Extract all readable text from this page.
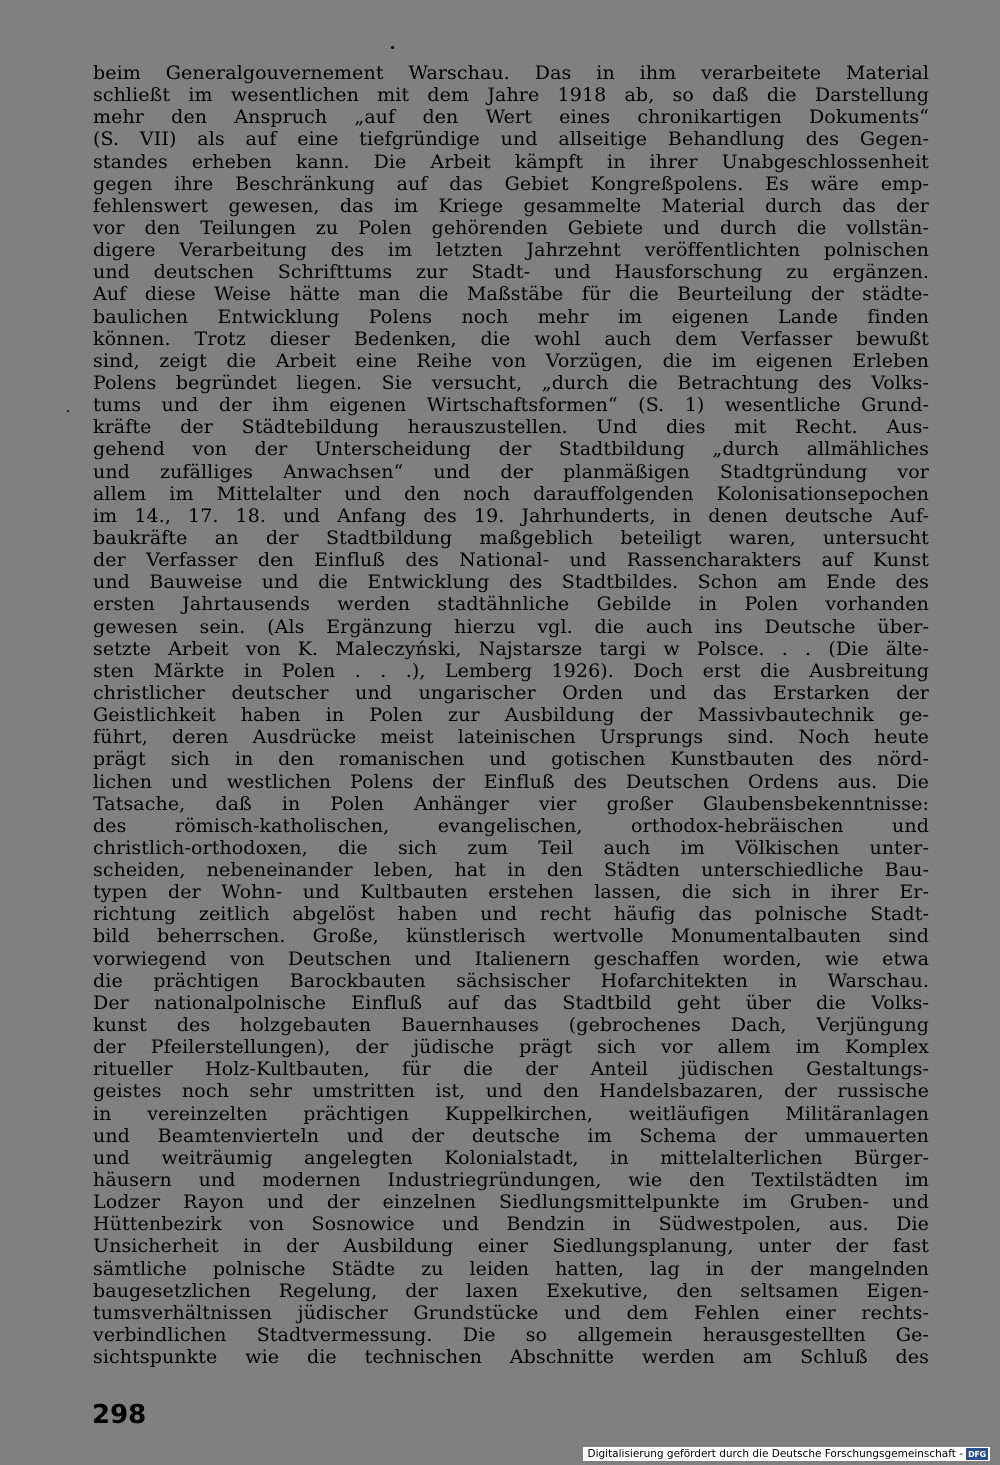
beim Generalgouvernement Warschau. Das in ihm verarbeitete Material
schließt im wesentlichen mit dem Jahre 1918 ab, so daß die Darstellung
mehr den Anspruch „auf den Wert eines chronikartigen Dokuments“
(S. VII) als auf eine tiefgründige und allseitige Behandlung des Gegen-
standes erheben kann. Die Arbeit kämpft in ihrer Unabgeschlossenheit
gegen ihre Beschränkung auf das Gebiet Kongreßpolens. Es wäre emp-
fehlenswert gewesen, das im Kriege gesammelte Material durch das der
vor den Teilungen zu Polen gehörenden Gebiete und durch die vollstän-
digere Verarbeitung des im letzten Jahrzehnt veröffentlichten polnischen
und deutschen Schrifttums zur Stadt- und Hausforschung zu ergänzen.
Auf diese Weise hätte man die Maßstäbe für die Beurteilung der städte-
baulichen Entwicklung Polens noch mehr im eigenen Lande finden
können. Trotz dieser Bedenken, die wohl auch dem Verfasser bewußt
sind, zeigt die Arbeit eine Reihe von Vorzügen, die im eigenen Erleben
Polens begründet liegen. Sie versucht, „durch die Betrachtung des Volks-
tums und der ihm eigenen Wirtschaftsformen“ (S. 1) wesentliche Grund-
kräfte der Städtebildung herauszustellen. Und dies mit Recht. Aus-
gehend von der Unterscheidung der Stadtbildung „durch allmähliches
und zufälliges Anwachsen“ und der planmäßigen Stadtgründung vor
allem im Mittelalter und den noch darauffolgenden Kolonisationsepochen
im 14., 17. 18. und Anfang des 19. Jahrhunderts, in denen deutsche Auf-
baukräfte an der Stadtbildung maßgeblich beteiligt waren, untersucht
der Verfasser den Einfluß des National- und Rassencharakters auf Kunst
und Bauweise und die Entwicklung des Stadtbildes. Schon am Ende des
ersten Jahrtausends werden stadtähnliche Gebilde in Polen vorhanden
gewesen sein. (Als Ergänzung hierzu vgl. die auch ins Deutsche über-
setzte Arbeit von K. Maleczyński, Najstarsze targi w Polsce. . . (Die älte-
sten Märkte in Polen . . .), Lemberg 1926). Doch erst die Ausbreitung
christlicher deutscher und ungarischer Orden und das Erstarken der
Geistlichkeit haben in Polen zur Ausbildung der Massivbautechnik ge-
führt, deren Ausdrücke meist lateinischen Ursprungs sind. Noch heute
prägt sich in den romanischen und gotischen Kunstbauten des nörd-
lichen und westlichen Polens der Einfluß des Deutschen Ordens aus. Die
Tatsache, daß in Polen Anhänger vier großer Glaubensbekenntnisse:
des römisch-katholischen, evangelischen, orthodox-hebräischen und
christlich-orthodoxen, die sich zum Teil auch im Völkischen unter-
scheiden, nebeneinander leben, hat in den Städten unterschiedliche Bau-
typen der Wohn- und Kultbauten erstehen lassen, die sich in ihrer Er-
richtung zeitlich abgelöst haben und recht häufig das polnische Stadt-
bild beherrschen. Große, künstlerisch wertvolle Monumentalbauten sind
vorwiegend von Deutschen und Italienern geschaffen worden, wie etwa
die prächtigen Barockbauten sächsischer Hofarchitekten in Warschau.
Der nationalpolnische Einfluß auf das Stadtbild geht über die Volks-
kunst des holzgebauten Bauernhauses (gebrochenes Dach, Verjüngung
der Pfeilerstellungen), der jüdische prägt sich vor allem im Komplex
ritueller Holz-Kultbauten, für die der Anteil jüdischen Gestaltungs-
geistes noch sehr umstritten ist, und den Handelsbazaren, der russische
in vereinzelten prächtigen Kuppelkirchen, weitläufigen Militäranlagen
und Beamtenvierteln und der deutsche im Schema der ummauerten
und weiträumig angelegten Kolonialstadt, in mittelalterlichen Bürger-
häusern und modernen Industriegründungen, wie den Textilstädten im
Lodzer Rayon und der einzelnen Siedlungsmittelpunkte im Gruben- und
Hüttenbezirk von Sosnowice und Bendzin in Südwestpolen, aus. Die
Unsicherheit in der Ausbildung einer Siedlungsplanung, unter der fast
sämtliche polnische Städte zu leiden hatten, lag in der mangelnden
baugesetzlichen Regelung, der laxen Exekutive, den seltsamen Eigen-
tumsverhältnissen jüdischer Grundstücke und dem Fehlen einer rechts-
verbindlichen Stadtvermessung. Die so allgemein herausgestellten Ge-
sichtspunkte wie die technischen Abschnitte werden am Schluß des
298
Digitalisierung gefördert durch die Deutsche Forschungsgemeinschaft - DFG
